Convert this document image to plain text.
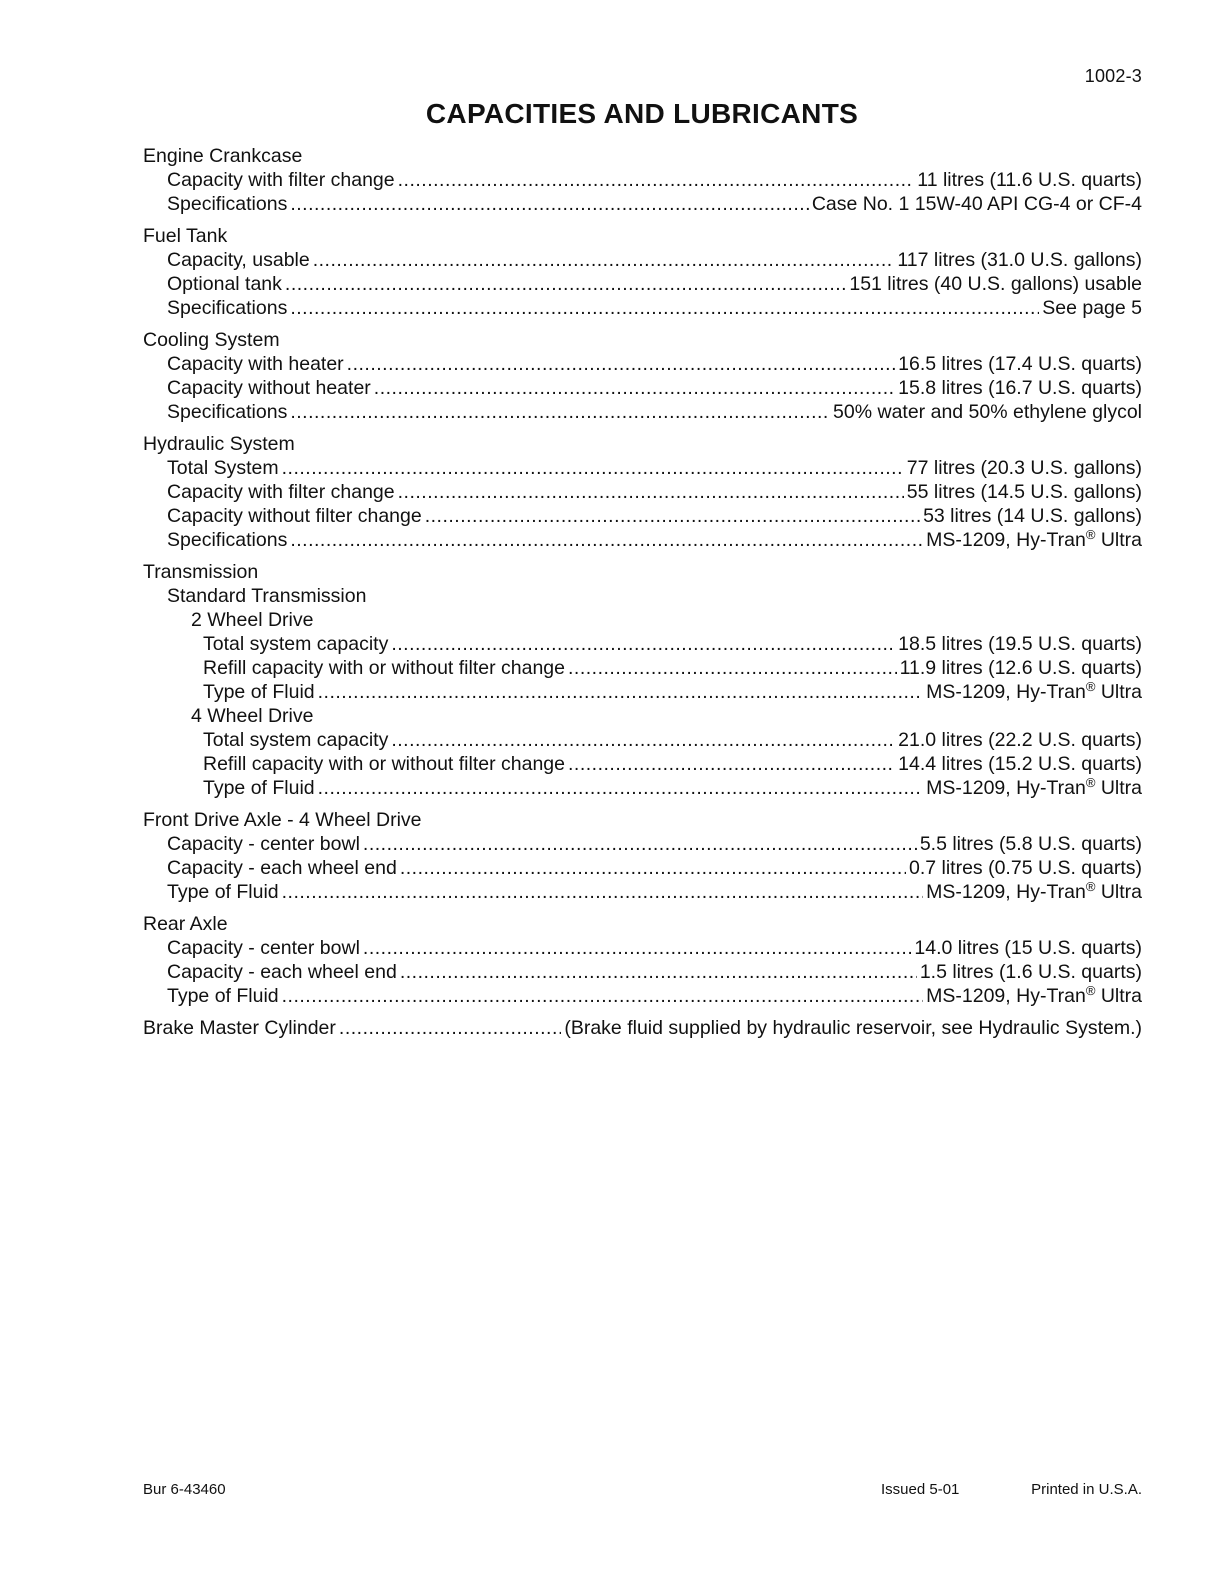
1002-3
CAPACITIES AND LUBRICANTS
Engine Crankcase
Capacity with filter change .....	11 litres (11.6 U.S. quarts)
Specifications .....	Case No. 1 15W-40 API CG-4 or CF-4
Fuel Tank
Capacity, usable .....	117 litres (31.0 U.S. gallons)
Optional tank .....	151 litres (40 U.S. gallons) usable
Specifications .....	See page 5
Cooling System
Capacity with heater .....	16.5 litres (17.4 U.S. quarts)
Capacity without heater .....	15.8 litres (16.7 U.S. quarts)
Specifications .....	50% water and 50% ethylene glycol
Hydraulic System
Total System .....	77 litres (20.3 U.S. gallons)
Capacity with filter change .....	55 litres (14.5 U.S. gallons)
Capacity without filter change .....	53 litres (14 U.S. gallons)
Specifications .....	MS-1209, Hy-Tran® Ultra
Transmission
Standard Transmission
2 Wheel Drive
Total system capacity .....	18.5 litres (19.5 U.S. quarts)
Refill capacity with or without filter change .....	11.9 litres (12.6 U.S. quarts)
Type of Fluid .....	MS-1209, Hy-Tran® Ultra
4 Wheel Drive
Total system capacity .....	21.0 litres (22.2 U.S. quarts)
Refill capacity with or without filter change .....	14.4 litres (15.2 U.S. quarts)
Type of Fluid .....	MS-1209, Hy-Tran® Ultra
Front Drive Axle - 4 Wheel Drive
Capacity - center bowl .....	5.5 litres (5.8 U.S. quarts)
Capacity - each wheel end .....	0.7 litres (0.75 U.S. quarts)
Type of Fluid .....	MS-1209, Hy-Tran® Ultra
Rear Axle
Capacity - center bowl .....	14.0 litres (15 U.S. quarts)
Capacity - each wheel end .....	1.5 litres (1.6 U.S. quarts)
Type of Fluid .....	MS-1209, Hy-Tran® Ultra
Brake Master Cylinder .....	(Brake fluid supplied by hydraulic reservoir, see Hydraulic System.)
Bur 6-43460	Issued 5-01	Printed in U.S.A.
